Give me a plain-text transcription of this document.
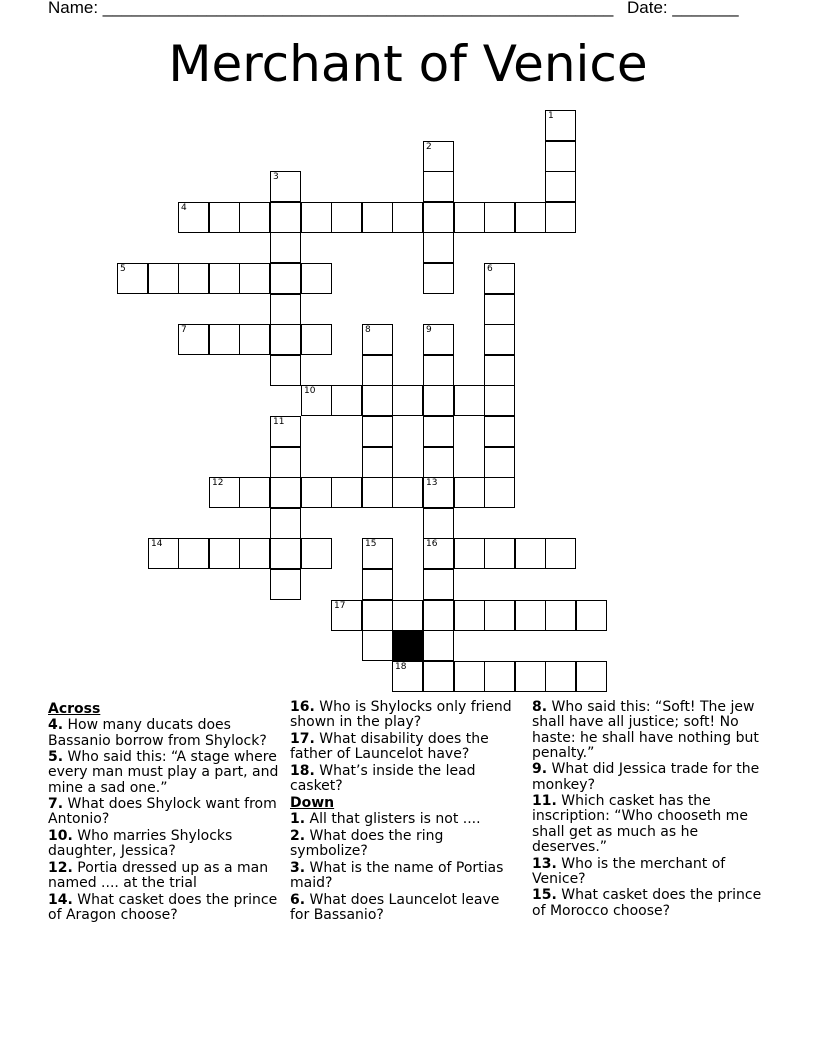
Name: ______________________________________________________ Date: _______
Merchant of Venice
1
2
3
4
5	6
7	8	9
10
11
12	13
16
14	15
17
18
Across
4. How many ducats does Bassanio borrow from Shylock?
5. Who said this: “A stage where every man must play a part, and mine a sad one.”
7. What does Shylock want from Antonio?
10. Who marries Shylocks daughter, Jessica?
12. Portia dressed up as a man named .... at the trial
14. What casket does the prince of Aragon choose?
16. Who is Shylocks only friend shown in the play?
17. What disability does the father of Launcelot have?
18. What’s inside the lead casket?
Down
1. All that glisters is not ....
2. What does the ring symbolize?
3. What is the name of Portias maid?
6. What does Launcelot leave for Bassanio?
8. Who said this: “Soft! The jew shall have all justice; soft! No haste: he shall have nothing but penalty.”
9. What did Jessica trade for the monkey?
11. Which casket has the inscription: “Who chooseth me shall get as much as he deserves.”
13. Who is the merchant of Venice?
15. What casket does the prince of Morocco choose?
